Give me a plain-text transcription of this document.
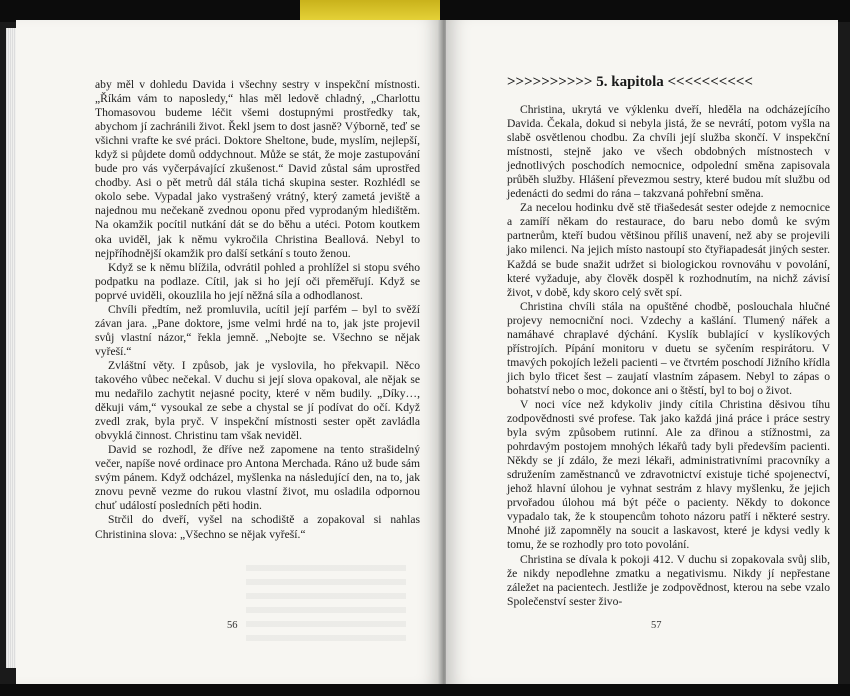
aby měl v dohledu Davida i všechny sestry v inspekční místnosti. „Říkám vám to naposledy,“ hlas měl ledově chladný, „Charlottu Thomasovou budeme léčit všemi dostupnými prostředky tak, abychom jí zachránili život. Řekl jsem to dost jasně? Výborně, teď se všichni vrafte ke své práci. Doktore Sheltone, bude, myslím, nejlepší, když si půjdete domů oddychnout. Může se stát, že moje zastupování bude pro vás vyčerpávající zkušenost.“ David zůstal sám uprostřed chodby. Asi o pět metrů dál stála tichá skupina sester. Rozhlédl se okolo sebe. Vypadal jako vystrašený vrátný, který zametá jeviště a najednou mu nečekaně zvednou oponu před vyprodaným hledištěm. Na okamžik pocítil nutkání dát se do běhu a utéci. Potom koutkem oka uviděl, jak k němu vykročila Christina Beallová. Nebyl to nejpříhodnější okamžik pro další setkání s touto ženou.

Když se k němu blížila, odvrátil pohled a prohlížel si stopu svého podpatku na podlaze. Cítil, jak si ho její oči přeměřují. Když se poprvé uviděli, okouzlila ho její něžná síla a odhodlanost.

Chvíli předtím, než promluvila, ucítil její parfém – byl to svěží závan jara. „Pane doktore, jsme velmi hrdé na to, jak jste projevil svůj vlastní názor,“ řekla jemně. „Nebojte se. Všechno se nějak vyřeší.“

Zvláštní věty. I způsob, jak je vyslovila, ho překvapil. Něco takového vůbec nečekal. V duchu si její slova opakoval, ale nějak se mu nedařilo zachytit nejasné pocity, které v něm budily. „Díky…, děkuji vám,“ vysoukal ze sebe a chystal se jí podívat do očí. Když zvedl zrak, byla pryč. V inspekční místnosti sester opět zavládla obvyklá činnost. Christinu tam však neviděl.

David se rozhodl, že dříve než zapomene na tento strašidelný večer, napíše nové ordinace pro Antona Merchada. Ráno už bude sám svým pánem. Když odcházel, myšlenka na následující den, na to, jak znovu pevně vezme do rukou vlastní život, mu osladila odpornou chuť událostí posledních pěti hodin.

Strčil do dveří, vyšel na schodiště a zopakoval si nahlas Christinina slova: „Všechno se nějak vyřeší.“

56
>>>>>>>>>> 5. kapitola <<<<<<<<<<

Christina, ukrytá ve výklenku dveří, hleděla na odcházejícího Davida. Čekala, dokud si nebyla jistá, že se nevrátí, potom vyšla na slabě osvětlenou chodbu. Za chvíli její služba skončí. V inspekční místnosti, stejně jako ve všech obdobných místnostech v jednotlivých poschodích nemocnice, odpolední směna zapisovala průběh služby. Hlášení převezmou sestry, které budou mít službu od jedenácti do sedmi do rána – takzvaná pohřební směna.

Za necelou hodinku dvě stě třiašedesát sester odejde z nemocnice a zamíří někam do restaurace, do baru nebo domů ke svým partnerům, kteří budou většinou příliš unavení, než aby se projevili jako milenci. Na jejich místo nastoupí sto čtyřiapadesát jiných sester. Každá se bude snažit udržet si biologickou rovnováhu v povolání, které vyžaduje, aby člověk dospěl k rozhodnutím, na nichž závisí život, v době, kdy skoro celý svět spí.

Christina chvíli stála na opuštěné chodbě, poslouchala hlučné projevy nemocniční noci. Vzdechy a kašlání. Tlumený nářek a namáhavé chraplavé dýchání. Kyslík bublající v kyslíkových přístrojích. Pípání monitoru v duetu se syčením respirátoru. V tmavých pokojích leželi pacienti – ve čtvrtém poschodí Jižního křídla jich bylo třicet šest – zaujatí vlastním zápasem. Nebyl to zápas o bohatství nebo o moc, dokonce ani o štěstí, byl to boj o život.

V noci více než kdykoliv jindy cítila Christina děsivou tíhu zodpovědnosti své profese. Tak jako každá jiná práce i práce sestry byla svým způsobem rutinní. Ale za dřinou a stížnostmi, za pohrdavým postojem mnohých lékařů tady byli především pacienti. Někdy se jí zdálo, že mezi lékaři, administrativními pracovníky a sdružením zaměstnanců ve zdravotnictví existuje tiché spojenectví, jehož hlavní úlohou je vyhnat sestrám z hlavy myšlenku, že jejich prvořadou úlohou má být péče o pacienty. Někdy to dokonce vypadalo tak, že k stoupencům tohoto názoru patří i některé sestry. Mnohé již zapomněly na soucit a laskavost, které je kdysi vedly k tomu, že se rozhodly pro toto povolání.

Christina se dívala k pokoji 412. V duchu si zopakovala svůj slib, že nikdy nepodlehne zmatku a negativismu. Nikdy jí nepřestane záležet na pacientech. Jestliže je zodpovědnost, kterou na sebe vzalo Společenství sester živo-

57
